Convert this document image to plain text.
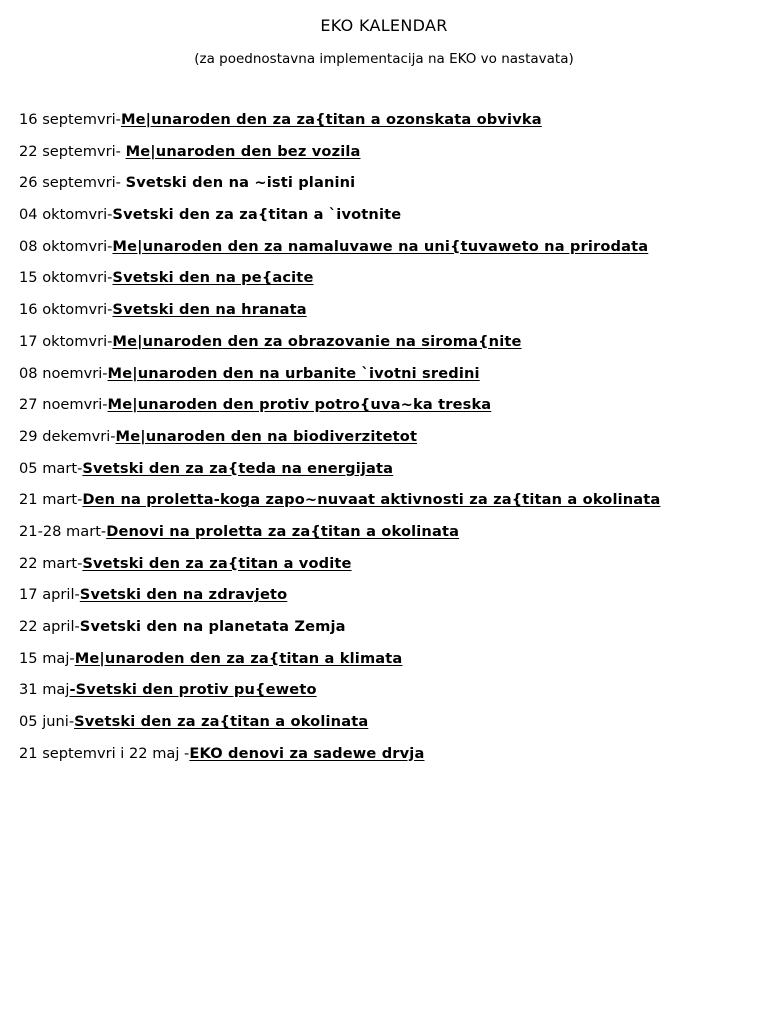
EKO KALENDAR
(za poednostavna implementacija na EKO vo nastavata)
16 septemvri-Me|unaroden den za za{titan a ozonskata obvivka
22 septemvri- Me|unaroden den bez vozila
26 septemvri- Svetski den na ~isti planini
04 oktomvri-Svetski den za za{titan a `ivotnite
08 oktomvri-Me|unaroden den za namaluvawe na uni{tuvaweto na prirodata
15 oktomvri-Svetski den na pe{acite
16 oktomvri-Svetski den na hranata
17 oktomvri-Me|unaroden den za obrazovanie na siroma{nite
08 noemvri-Me|unaroden den na urbanite `ivotni sredini
27 noemvri-Me|unaroden den protiv potro{uva~ka treska
29 dekemvri-Me|unaroden den na biodiverzitetot
05 mart-Svetski den za za{teda na energijata
21 mart-Den na proletta-koga zapo~nuvaat aktivnosti za za{titan a okolinata
21-28 mart-Denovi na proletta za za{titan a okolinata
22 mart-Svetski den za za{titan a vodite
17 april-Svetski den na zdravjeto
22 april-Svetski den na planetata Zemja
15 maj-Me|unaroden den za za{titan a klimata
31 maj-Svetski den protiv pu{eweto
05 juni-Svetski den za za{titan a okolinata
21 septemvri i 22 maj -EKO denovi za sadewe drvja
